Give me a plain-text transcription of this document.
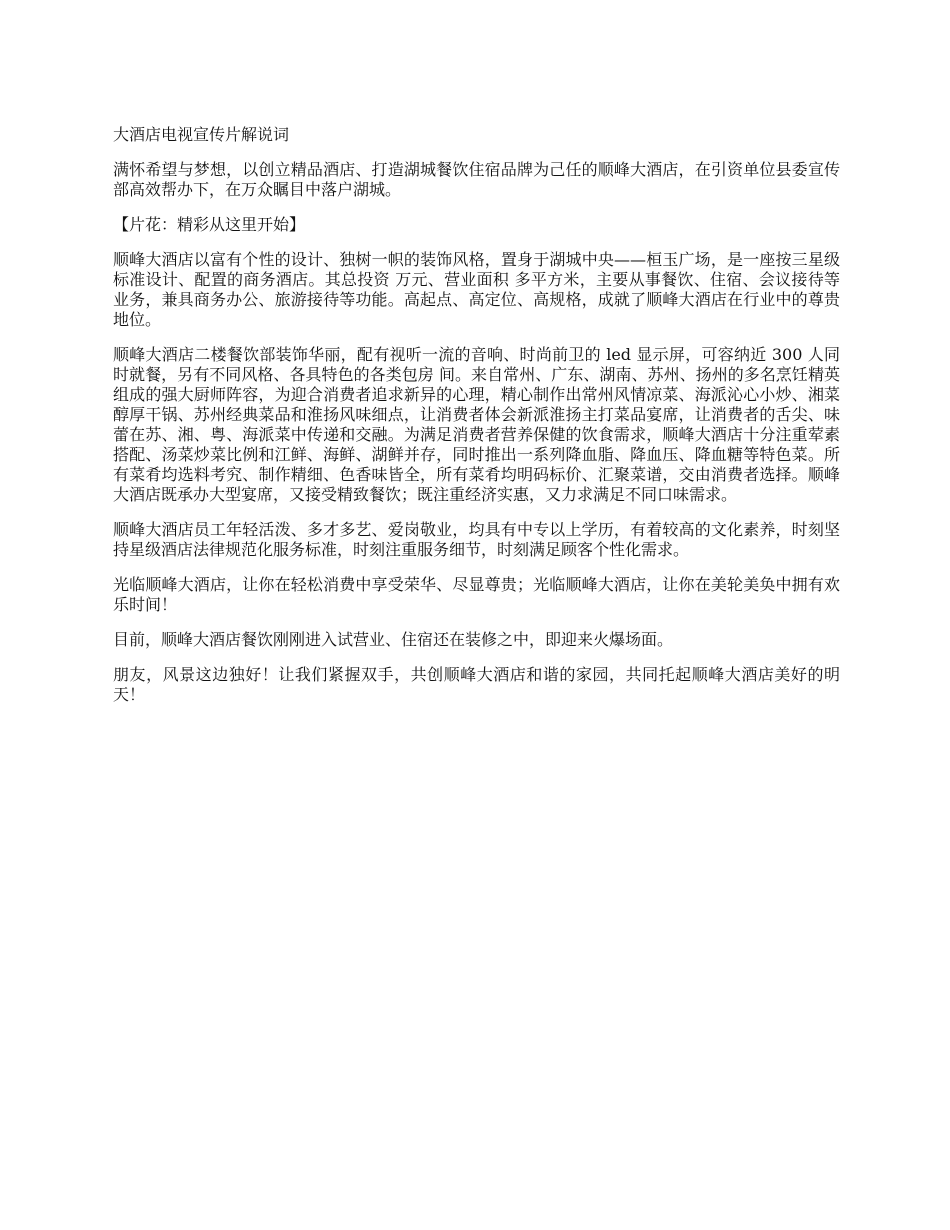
大酒店电视宣传片解说词

满怀希望与梦想，以创立精品酒店、打造湖城餐饮住宿品牌为己任的顺峰大酒店，在引资单位县委宣传部高效帮办下，在万众瞩目中落户湖城。

【片花：精彩从这里开始】

顺峰大酒店以富有个性的设计、独树一帜的装饰风格，置身于湖城中央——桓玉广场，是一座按三星级标准设计、配置的商务酒店。其总投资 万元、营业面积 多平方米，主要从事餐饮、住宿、会议接待等业务，兼具商务办公、旅游接待等功能。高起点、高定位、高规格，成就了顺峰大酒店在行业中的尊贵地位。

顺峰大酒店二楼餐饮部装饰华丽，配有视听一流的音响、时尚前卫的 led 显示屏，可容纳近 300 人同时就餐，另有不同风格、各具特色的各类包房 间。来自常州、广东、湖南、苏州、扬州的多名烹饪精英组成的强大厨师阵容，为迎合消费者追求新异的心理，精心制作出常州风情凉菜、海派沁心小炒、湘菜醇厚干锅、苏州经典菜品和淮扬风味细点，让消费者体会新派淮扬主打菜品宴席，让消费者的舌尖、味蕾在苏、湘、粤、海派菜中传递和交融。为满足消费者营养保健的饮食需求，顺峰大酒店十分注重荤素搭配、汤菜炒菜比例和江鲜、海鲜、湖鲜并存，同时推出一系列降血脂、降血压、降血糖等特色菜。所有菜肴均选料考究、制作精细、色香味皆全，所有菜肴均明码标价、汇聚菜谱，交由消费者选择。顺峰大酒店既承办大型宴席，又接受精致餐饮；既注重经济实惠，又力求满足不同口味需求。

顺峰大酒店员工年轻活泼、多才多艺、爱岗敬业，均具有中专以上学历，有着较高的文化素养，时刻坚持星级酒店法律规范化服务标准，时刻注重服务细节，时刻满足顾客个性化需求。

光临顺峰大酒店，让你在轻松消费中享受荣华、尽显尊贵；光临顺峰大酒店，让你在美轮美奂中拥有欢乐时间！

目前，顺峰大酒店餐饮刚刚进入试营业、住宿还在装修之中，即迎来火爆场面。

朋友，风景这边独好！让我们紧握双手，共创顺峰大酒店和谐的家园，共同托起顺峰大酒店美好的明天！
